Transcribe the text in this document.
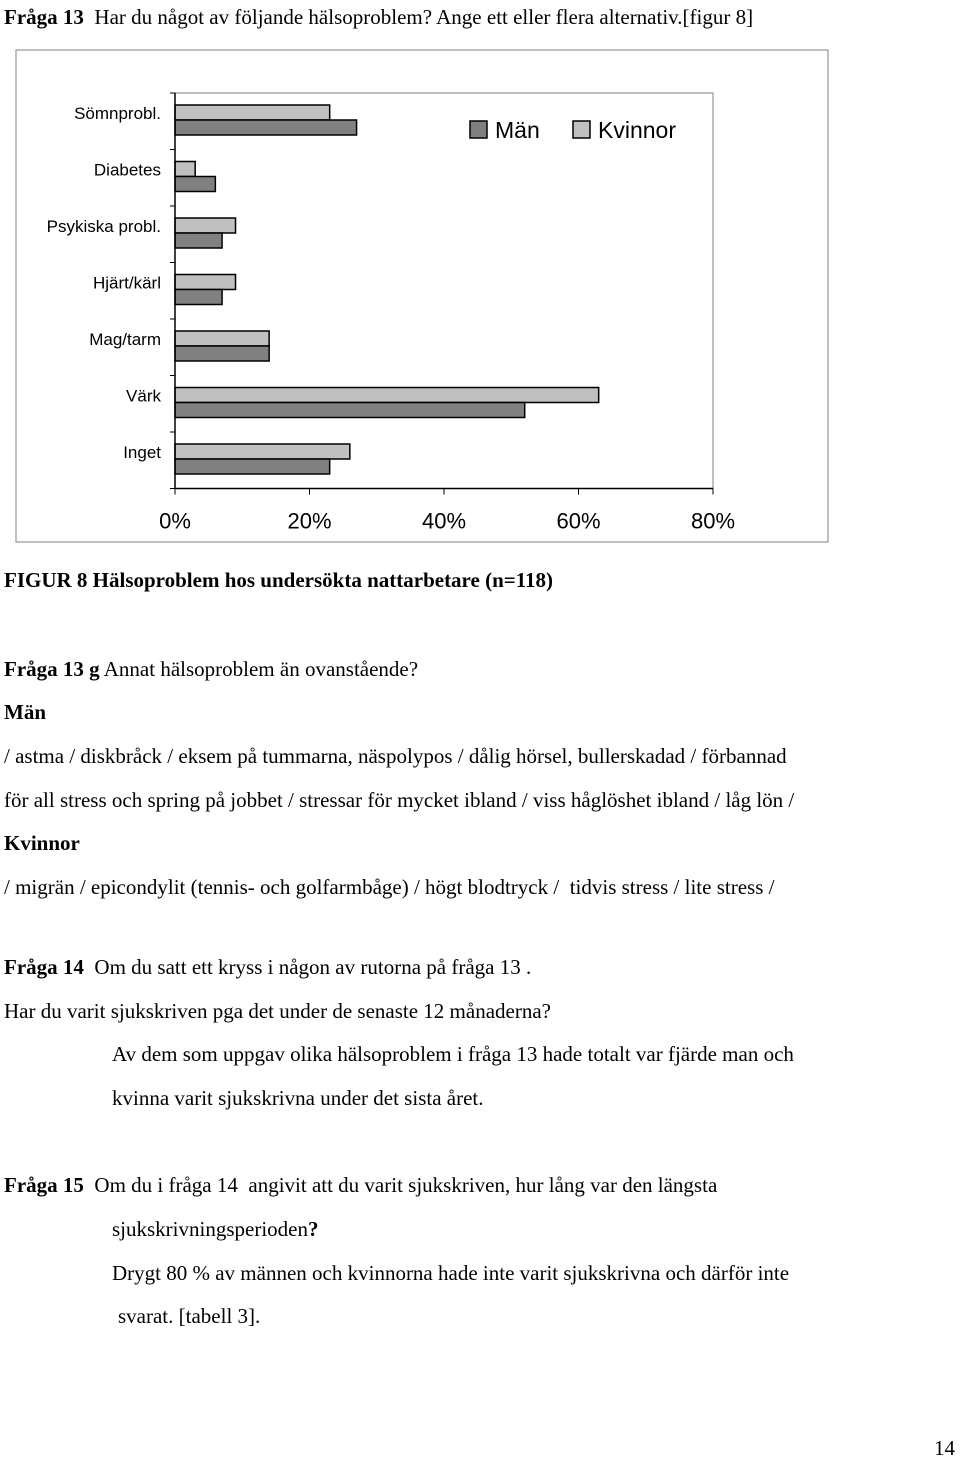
Fråga 13 Har du något av följande hälsoproblem? Ange ett eller flera alternativ.[figur 8]
Sömnprobl.
Diabetes
Psykiska probl.
Hjärt/kärl
Mag/tarm
Värk
Inget
0%	20%	40%	60%	80%
Män	Kvinnor
FIGUR 8 Hälsoproblem hos undersökta nattarbetare (n=118)
Fråga 13 g Annat hälsoproblem än ovanstående?
Män
/ astma / diskbråck / eksem på tummarna, näspolypos / dålig hörsel, bullerskadad / förbannad
för all stress och spring på jobbet / stressar för mycket ibland / viss håglöshet ibland / låg lön /
Kvinnor
/ migrän / epicondylit (tennis- och golfarmbåge) / högt blodtryck /  tidvis stress / lite stress /
Fråga 14 Om du satt ett kryss i någon av rutorna på fråga 13 .
Har du varit sjukskriven pga det under de senaste 12 månaderna?
Av dem som uppgav olika hälsoproblem i fråga 13 hade totalt var fjärde man och
kvinna varit sjukskrivna under det sista året.
Fråga 15 Om du i fråga 14  angivit att du varit sjukskriven, hur lång var den längsta
sjukskrivningsperioden?
Drygt 80 % av männen och kvinnorna hade inte varit sjukskrivna och därför inte
svarat. [tabell 3].
14
